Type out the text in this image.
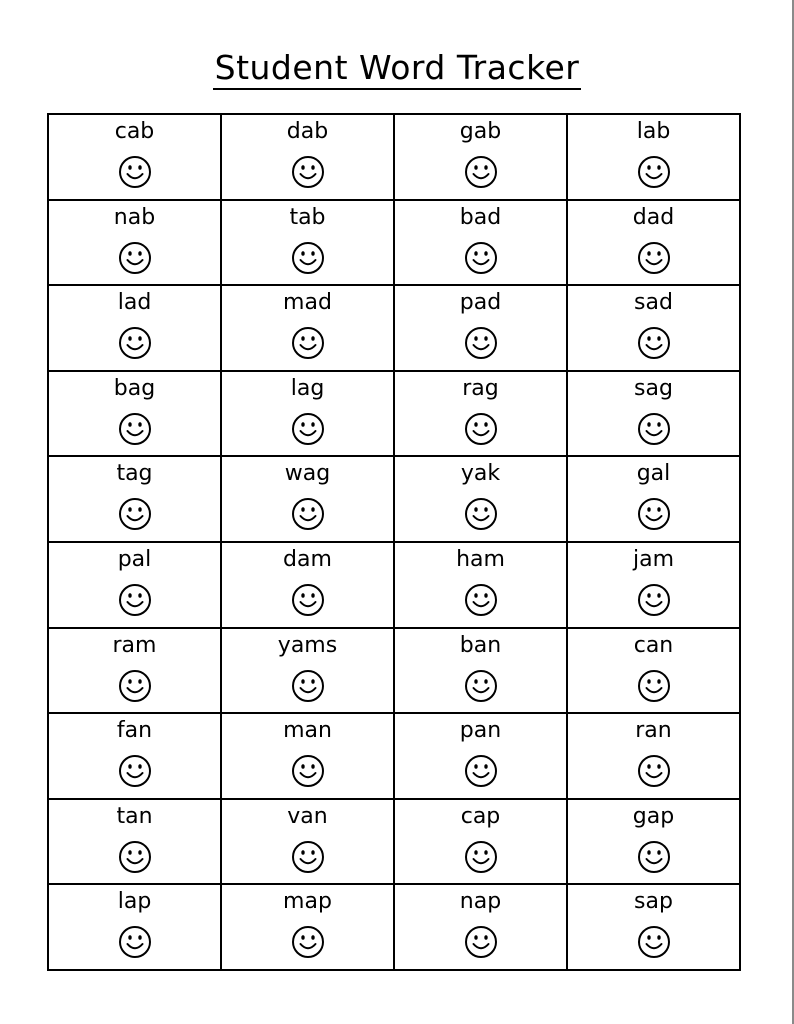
Student Word Tracker
cab	dab	gab	lab
nab	tab	bad	dad
lad	mad	pad	sad
bag	lag	rag	sag
tag	wag	yak	gal
pal	dam	ham	jam
ram	yams	ban	can
fan	man	pan	ran
tan	van	cap	gap
lap	map	nap	sap
